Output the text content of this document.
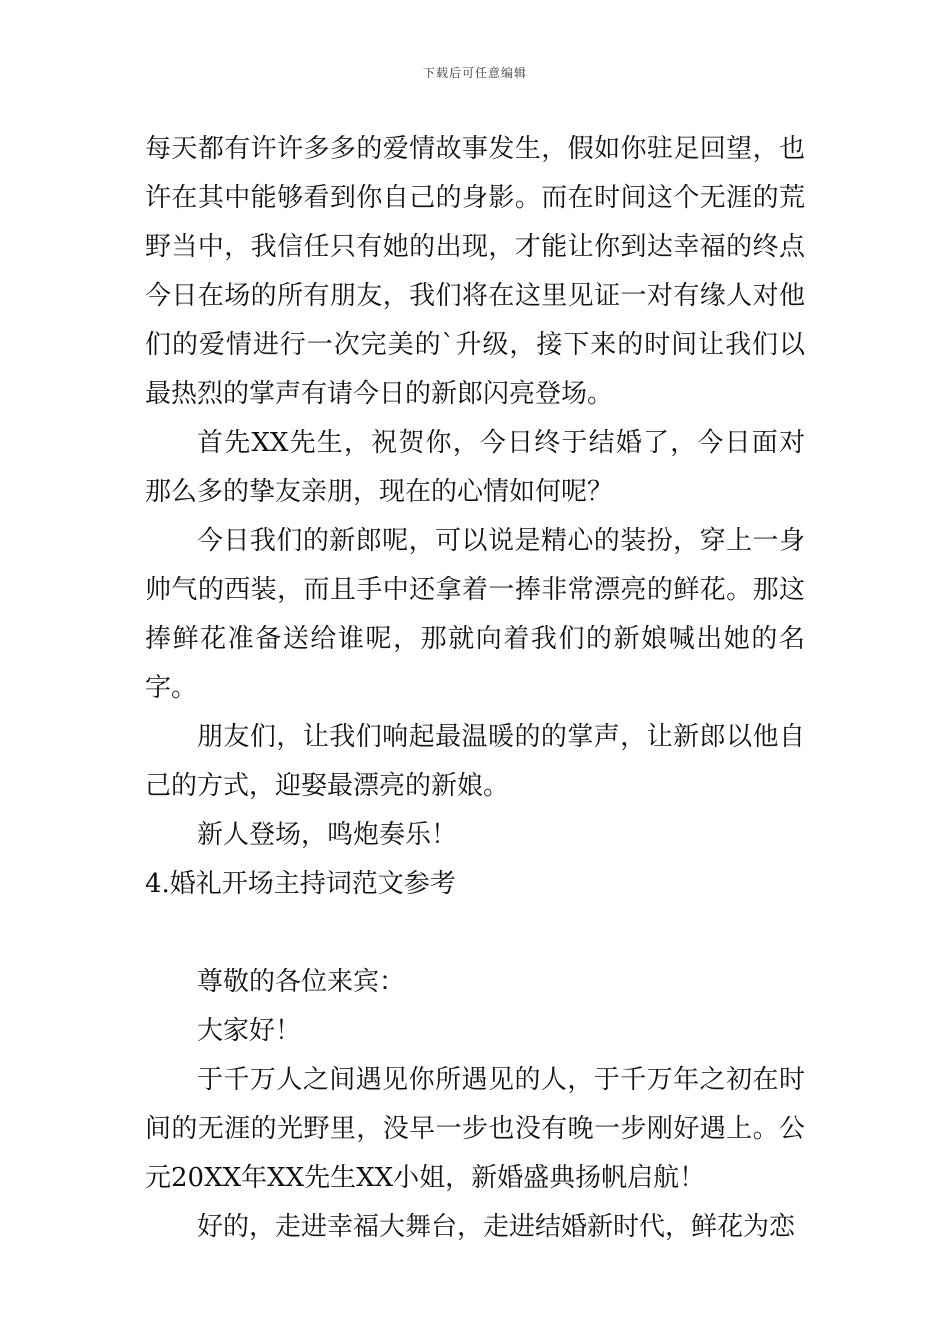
下载后可任意编辑

每天都有许许多多的爱情故事发生，假如你驻足回望，也许在其中能够看到你自己的身影。而在时间这个无涯的荒野当中，我信任只有她的出现，才能让你到达幸福的终点今日在场的所有朋友，我们将在这里见证一对有缘人对他们的爱情进行一次完美的`升级，接下来的时间让我们以最热烈的掌声有请今日的新郎闪亮登场。

首先XX先生，祝贺你，今日终于结婚了，今日面对那么多的挚友亲朋，现在的心情如何呢？

今日我们的新郎呢，可以说是精心的装扮，穿上一身帅气的西装，而且手中还拿着一捧非常漂亮的鲜花。那这捧鲜花准备送给谁呢，那就向着我们的新娘喊出她的名字。

朋友们，让我们响起最温暖的的掌声，让新郎以他自己的方式，迎娶最漂亮的新娘。

新人登场，鸣炮奏乐！

4.婚礼开场主持词范文参考

尊敬的各位来宾：

大家好！

于千万人之间遇见你所遇见的人，于千万年之初在时间的无涯的光野里，没早一步也没有晚一步刚好遇上。公元20XX年XX先生XX小姐，新婚盛典扬帆启航！

好的，走进幸福大舞台，走进结婚新时代，鲜花为恋
